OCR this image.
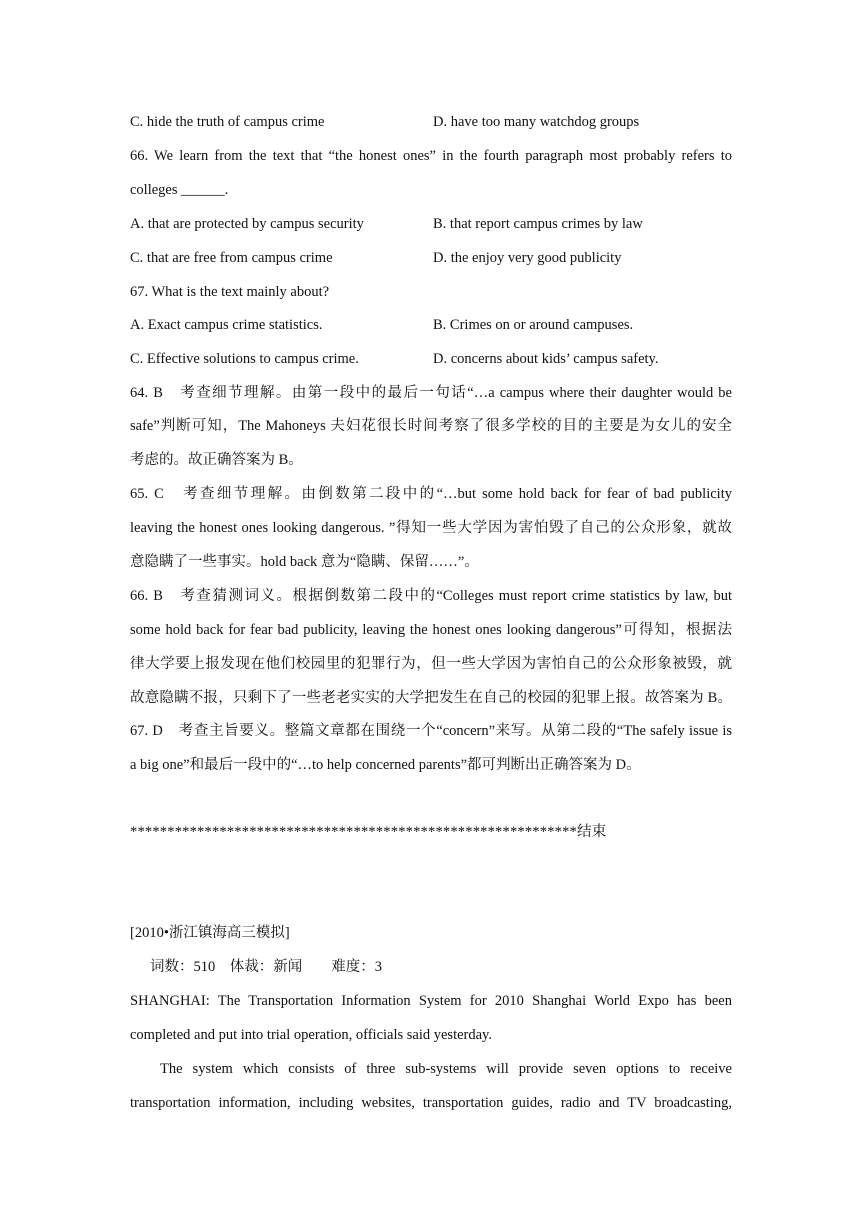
C. hide the truth of campus crime	D. have too many watchdog groups
66. We learn from the text that “the honest ones” in the fourth paragraph most probably refers to
colleges ______.
A. that are protected by campus security	B. that report campus crimes by law
C. that are free from campus crime	D. the enjoy very good publicity
67. What is the text mainly about?
A. Exact campus crime statistics.	B. Crimes on or around campuses.
C. Effective solutions to campus crime.	D. concerns about kids’ campus safety.
64. B　考查细节理解。由第一段中的最后一句话“…a campus where their daughter would be
safe”判断可知，The Mahoneys 夫妇花很长时间考察了很多学校的目的主要是为女儿的安全
考虑的。故正确答案为 B。
65. C　考查细节理解。由倒数第二段中的“…but some hold back for fear of bad publicity
leaving the honest ones looking dangerous. ”得知一些大学因为害怕毁了自己的公众形象，就故
意隐瞒了一些事实。hold back 意为“隐瞒、保留……”。
66. B　考查猜测词义。根据倒数第二段中的“Colleges must report crime statistics by law, but
some hold back for fear bad publicity, leaving the honest ones looking dangerous”可得知，根据法
律大学要上报发现在他们校园里的犯罪行为，但一些大学因为害怕自己的公众形象被毁，就
故意隐瞒不报，只剩下了一些老老实实的大学把发生在自己的校园的犯罪上报。故答案为 B。
67. D　考查主旨要义。整篇文章都在围绕一个“concern”来写。从第二段的“The safely issue is
a big one”和最后一段中的“…to help concerned parents”都可判断出正确答案为 D。
************************************************************结束
[2010•浙江镇海高三模拟]
词数：510　体裁：新闻　　难度：3
SHANGHAI: The Transportation Information System for 2010 Shanghai World Expo has been
completed and put into trial operation, officials said yesterday.
The system which consists of three sub-systems will provide seven options to receive
transportation information, including websites, transportation guides, radio and TV broadcasting,
